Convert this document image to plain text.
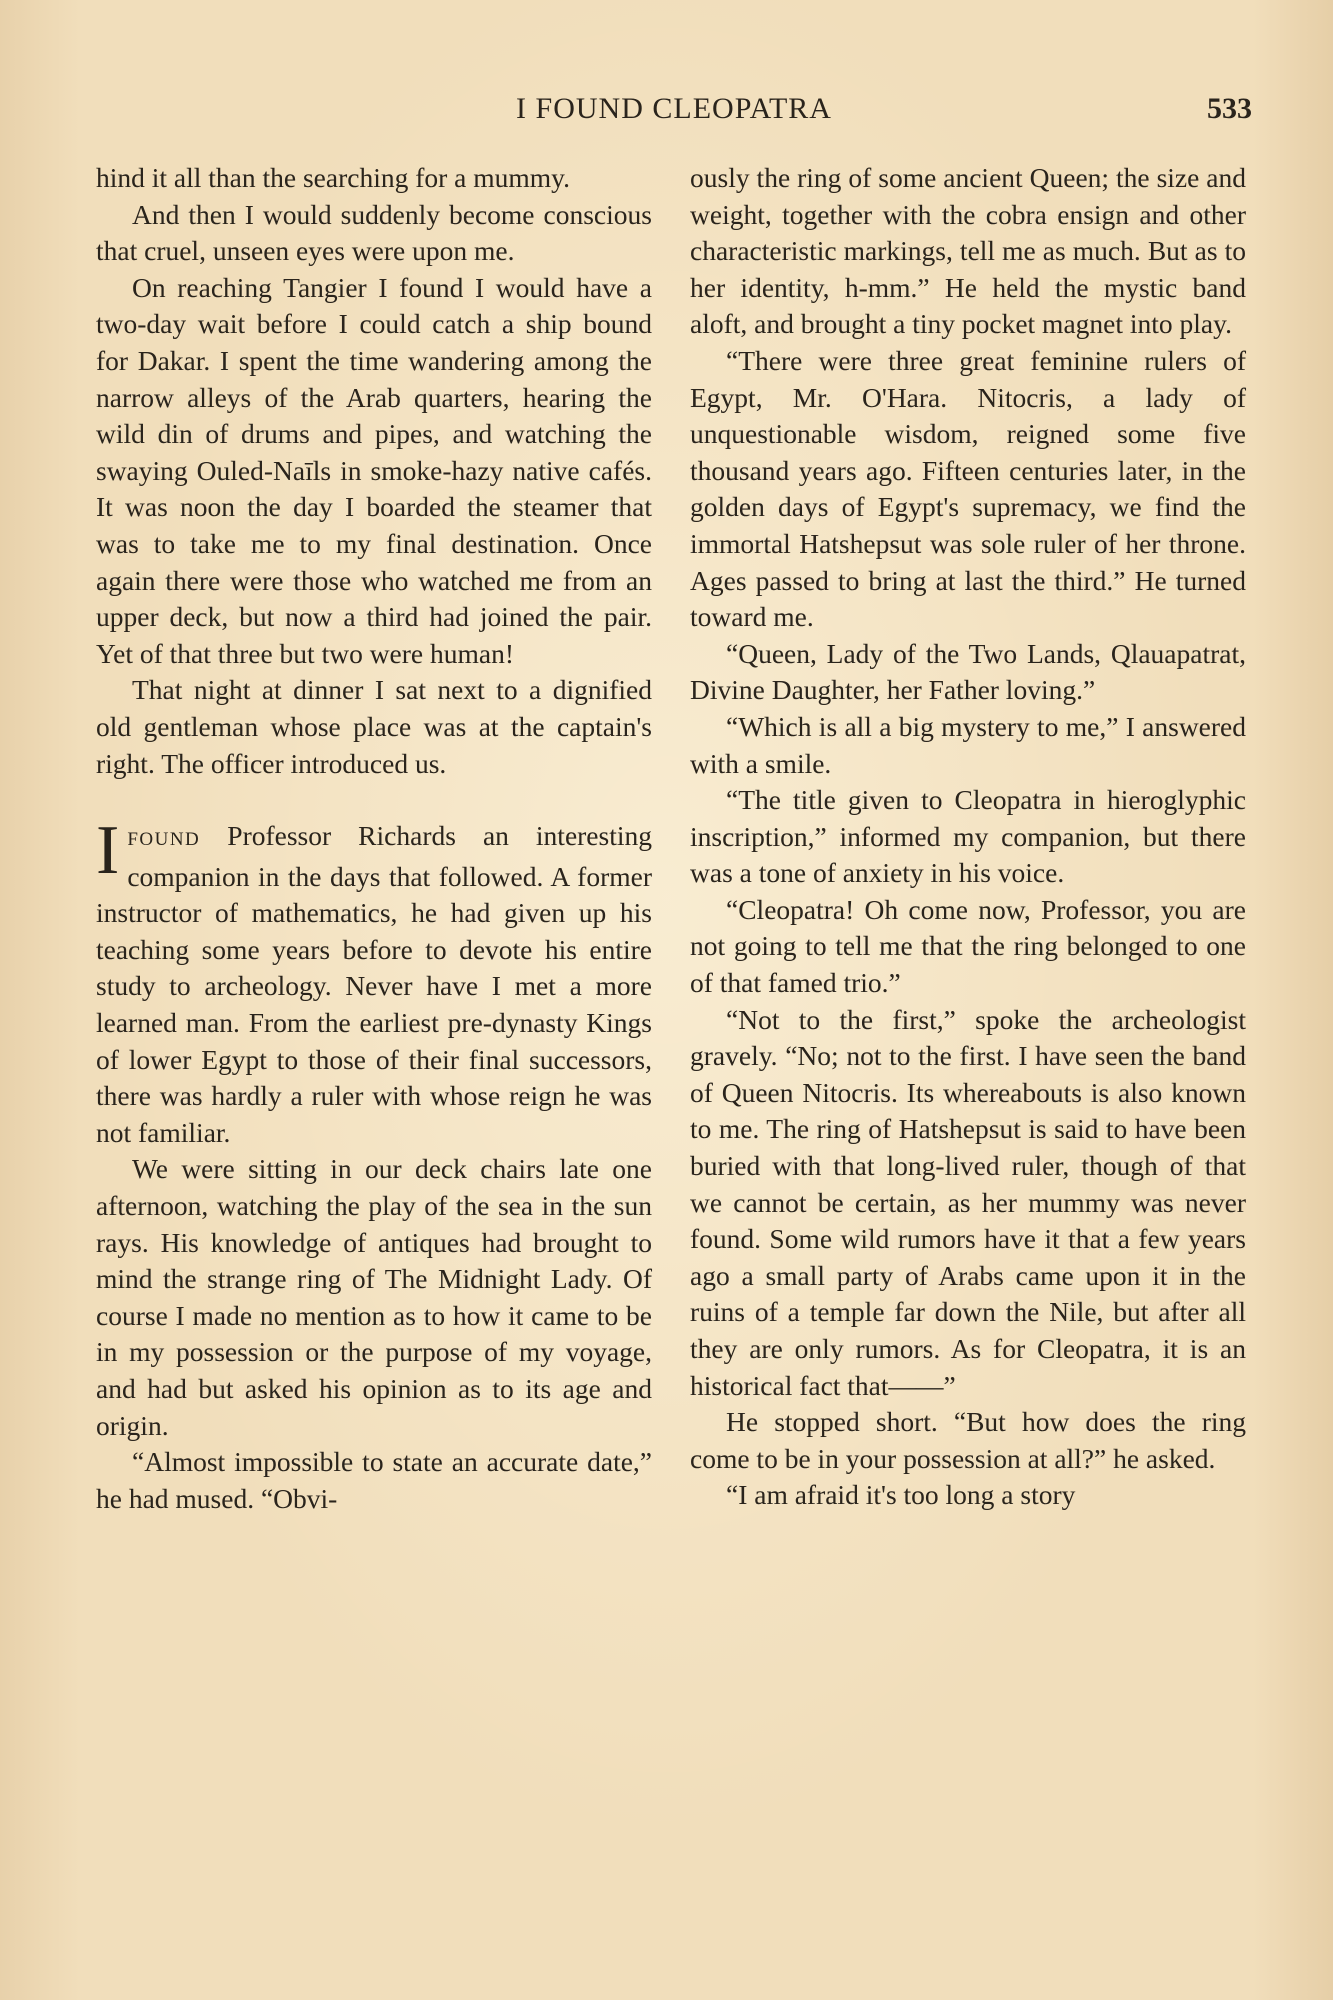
I FOUND CLEOPATRA	533

hind it all than the searching for a mummy.

And then I would suddenly become conscious that cruel, unseen eyes were upon me.

On reaching Tangier I found I would have a two-day wait before I could catch a ship bound for Dakar. I spent the time wandering among the narrow alleys of the Arab quarters, hearing the wild din of drums and pipes, and watching the swaying Ouled-Naīls in smoke-hazy native cafés. It was noon the day I boarded the steamer that was to take me to my final destination. Once again there were those who watched me from an upper deck, but now a third had joined the pair. Yet of that three but two were human!

That night at dinner I sat next to a dignified old gentleman whose place was at the captain's right. The officer introduced us.

IFOUND Professor Richards an interesting companion in the days that followed. A former instructor of mathematics, he had given up his teaching some years before to devote his entire study to archeology. Never have I met a more learned man. From the earliest pre-dynasty Kings of lower Egypt to those of their final successors, there was hardly a ruler with whose reign he was not familiar.

We were sitting in our deck chairs late one afternoon, watching the play of the sea in the sun rays. His knowledge of antiques had brought to mind the strange ring of The Midnight Lady. Of course I made no mention as to how it came to be in my possession or the purpose of my voyage, and had but asked his opinion as to its age and origin.

“Almost impossible to state an accurate date,” he had mused. “Obvi-

ously the ring of some ancient Queen; the size and weight, together with the cobra ensign and other characteristic markings, tell me as much. But as to her identity, h-mm.” He held the mystic band aloft, and brought a tiny pocket magnet into play.

“There were three great feminine rulers of Egypt, Mr. O'Hara. Nitocris, a lady of unquestionable wisdom, reigned some five thousand years ago. Fifteen centuries later, in the golden days of Egypt's supremacy, we find the immortal Hatshepsut was sole ruler of her throne. Ages passed to bring at last the third.” He turned toward me.

“Queen, Lady of the Two Lands, Qlauapatrat, Divine Daughter, her Father loving.”

“Which is all a big mystery to me,” I answered with a smile.

“The title given to Cleopatra in hieroglyphic inscription,” informed my companion, but there was a tone of anxiety in his voice.

“Cleopatra! Oh come now, Professor, you are not going to tell me that the ring belonged to one of that famed trio.”

“Not to the first,” spoke the archeologist gravely. “No; not to the first. I have seen the band of Queen Nitocris. Its whereabouts is also known to me. The ring of Hatshepsut is said to have been buried with that long-lived ruler, though of that we cannot be certain, as her mummy was never found. Some wild rumors have it that a few years ago a small party of Arabs came upon it in the ruins of a temple far down the Nile, but after all they are only rumors. As for Cleopatra, it is an historical fact that——”

He stopped short. “But how does the ring come to be in your possession at all?” he asked.

“I am afraid it's too long a story
